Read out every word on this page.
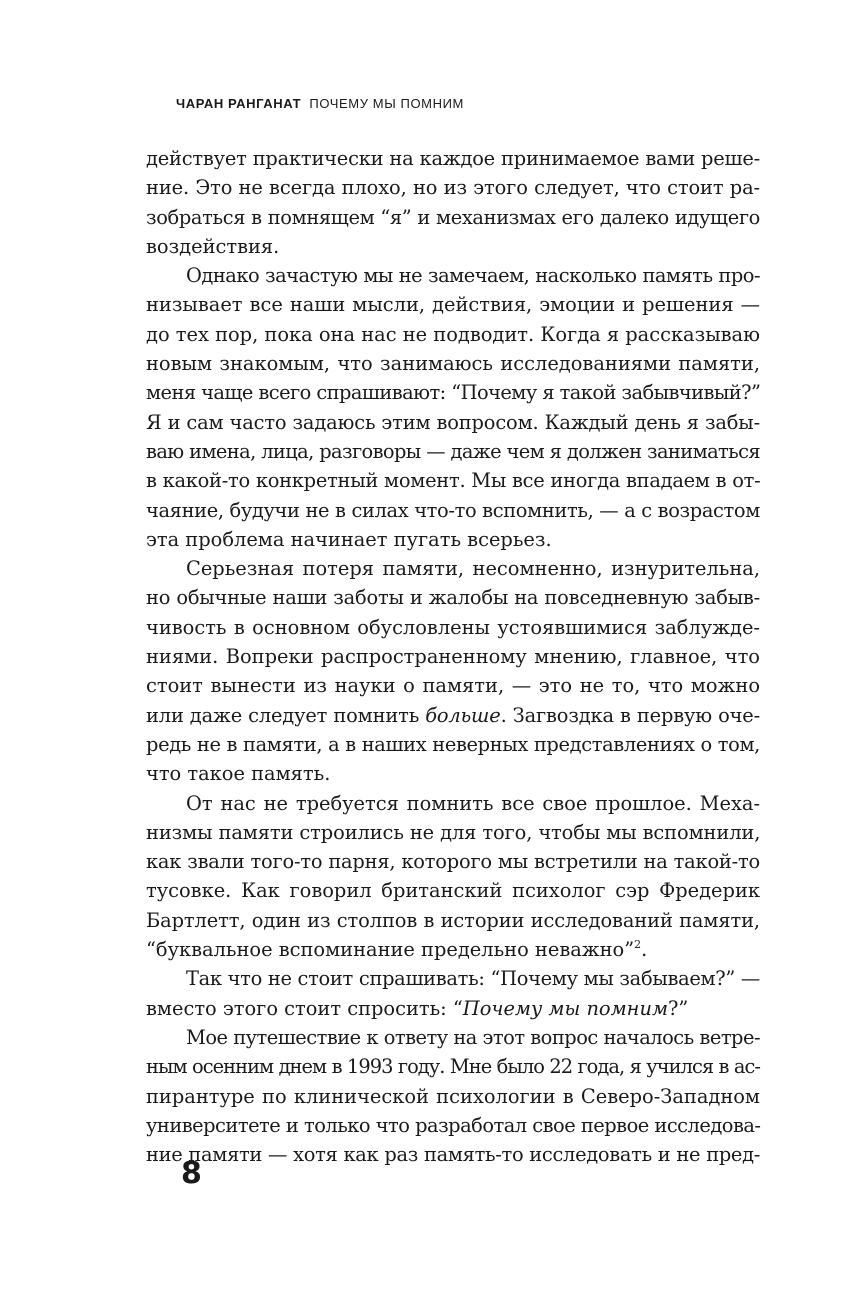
ЧАРАН РАНГАНАТ ПОЧЕМУ МЫ ПОМНИМ
действует практически на каждое принимаемое вами реше-
ние. Это не всегда плохо, но из этого следует, что стоит ра-
зобраться в помнящем “я” и механизмах его далеко идущего
воздействия.
Однако зачастую мы не замечаем, насколько память про-
низывает все наши мысли, действия, эмоции и решения —
до тех пор, пока она нас не подводит. Когда я рассказываю
новым знакомым, что занимаюсь исследованиями памяти,
меня чаще всего спрашивают: “Почему я такой забывчивый?”
Я и сам часто задаюсь этим вопросом. Каждый день я забы-
ваю имена, лица, разговоры — даже чем я должен заниматься
в какой-то конкретный момент. Мы все иногда впадаем в от-
чаяние, будучи не в силах что-то вспомнить, — а с возрастом
эта проблема начинает пугать всерьез.
Серьезная потеря памяти, несомненно, изнурительна,
но обычные наши заботы и жалобы на повседневную забыв-
чивость в основном обусловлены устоявшимися заблужде-
ниями. Вопреки распространенному мнению, главное, что
стоит вынести из науки о памяти, — это не то, что можно
или даже следует помнить больше. Загвоздка в первую оче-
редь не в памяти, а в наших неверных представлениях о том,
что такое память.
От нас не требуется помнить все свое прошлое. Меха-
низмы памяти строились не для того, чтобы мы вспомнили,
как звали того-то парня, которого мы встретили на такой-то
тусовке. Как говорил британский психолог сэр Фредерик
Бартлетт, один из столпов в истории исследований памяти,
“буквальное вспоминание предельно неважно”$^2$.
Так что не стоит спрашивать: “Почему мы забываем?” —
вместо этого стоит спросить: “Почему мы помним?”
Мое путешествие к ответу на этот вопрос началось ветре-
ным осенним днем в 1993 году. Мне было 22 года, я учился в ас-
пирантуре по клинической психологии в Северо-Западном
университете и только что разработал свое первое исследова-
ние памяти — хотя как раз память-то исследовать и не пред-
8
